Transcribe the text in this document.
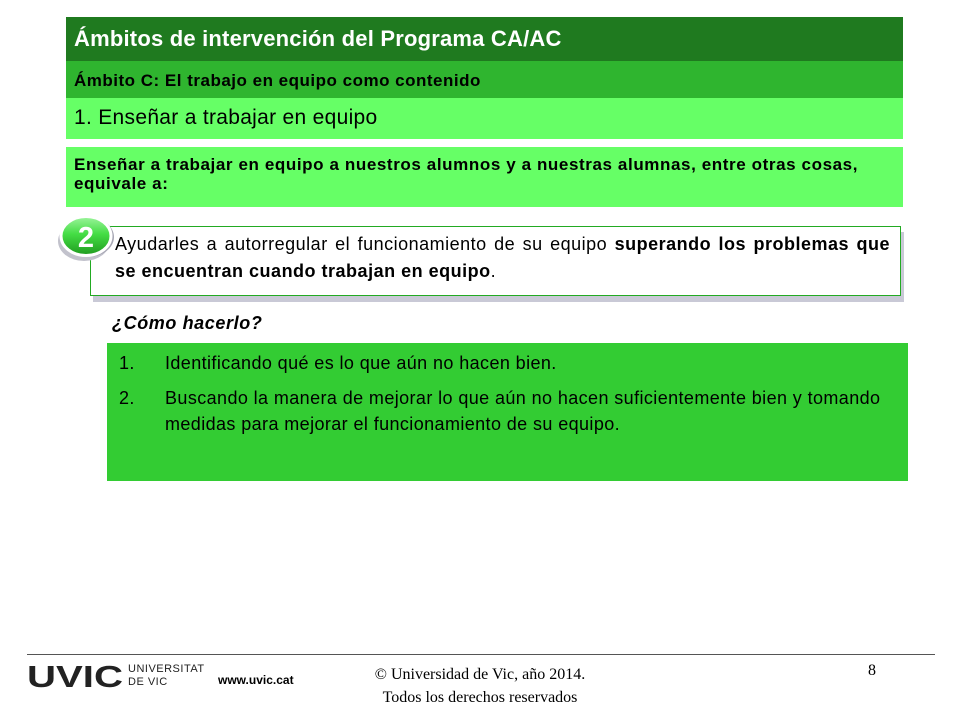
Ámbitos de intervención del Programa CA/AC
Ámbito C: El trabajo en equipo como contenido
1. Enseñar a trabajar en equipo
Enseñar a trabajar en equipo a nuestros alumnos y a nuestras alumnas, entre otras cosas, equivale a:
Ayudarles a autorregular el funcionamiento de su equipo superando los problemas que se encuentran cuando trabajan en equipo.
2
¿Cómo hacerlo?
1.	Identificando qué es lo que aún no hacen bien.
2.	Buscando la manera de mejorar lo que aún no hacen suficientemente bien y tomando medidas para mejorar el funcionamiento de su equipo.
UVIC UNIVERSITAT
DE VIC	www.uvic.cat	© Universidad de Vic, año 2014.
Todos los derechos reservados
8
